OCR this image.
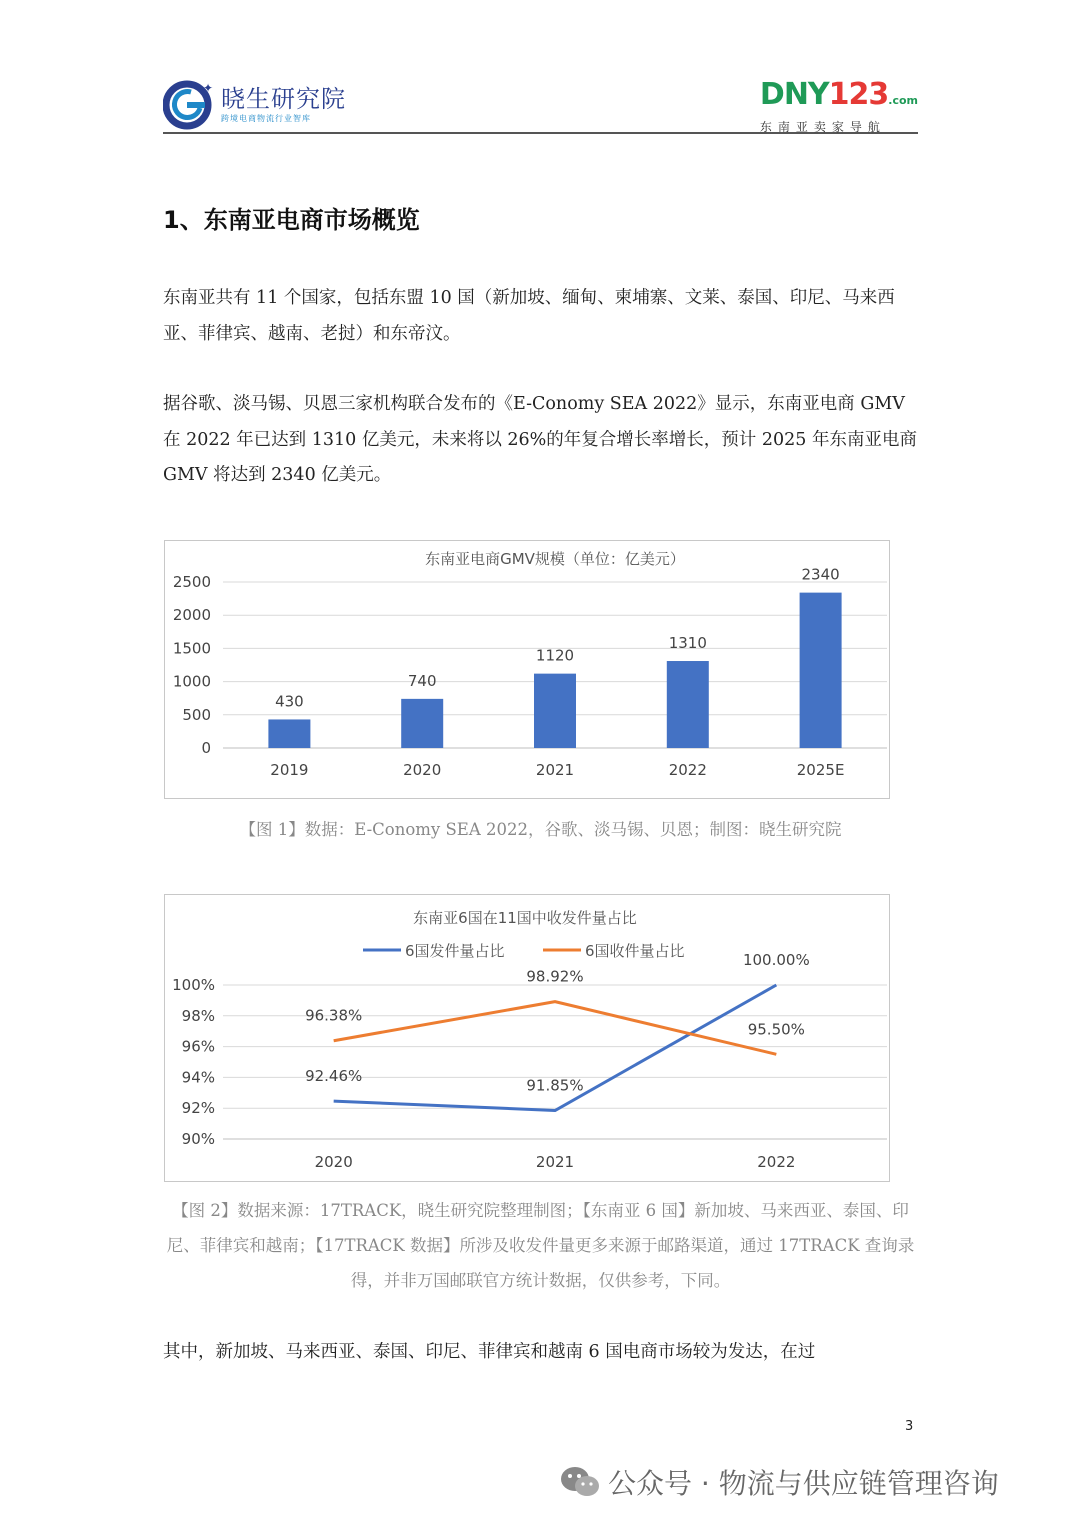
✦ 晓生研究院
跨境电商物流行业智库
DNY123.com
东南亚卖家导航
1、东南亚电商市场概览
东南亚共有 11 个国家，包括东盟 10 国（新加坡、缅甸、柬埔寨、文莱、泰国、印尼、马来西亚、菲律宾、越南、老挝）和东帝汶。
据谷歌、淡马锡、贝恩三家机构联合发布的《E-Conomy SEA 2022》显示，东南亚电商 GMV 在 2022 年已达到 1310 亿美元，未来将以 26%的年复合增长率增长，预计 2025 年东南亚电商 GMV 将达到 2340 亿美元。
东南亚电商GMV规模（单位：亿美元）
0
500
1000
1500
2000
2500
430
2019
740
2020
1120
2021
1310
2022
2340
2025E
【图 1】数据：E-Conomy SEA 2022，谷歌、淡马锡、贝恩；制图：晓生研究院
东南亚6国在11国中收发件量占比
6国发件量占比	6国收件量占比
90%
92%
94%
96%
98%
100%
2020	2021	2022
92.46%
91.85%
100.00%
96.38%
98.92%
95.50%
【图 2】数据来源：17TRACK，晓生研究院整理制图；【东南亚 6 国】新加坡、马来西亚、泰国、印尼、菲律宾和越南；【17TRACK 数据】所涉及收发件量更多来源于邮路渠道，通过 17TRACK 查询录得，并非万国邮联官方统计数据，仅供参考，下同。
其中，新加坡、马来西亚、泰国、印尼、菲律宾和越南 6 国电商市场较为发达，在过
3
公众号 · 物流与供应链管理咨询
